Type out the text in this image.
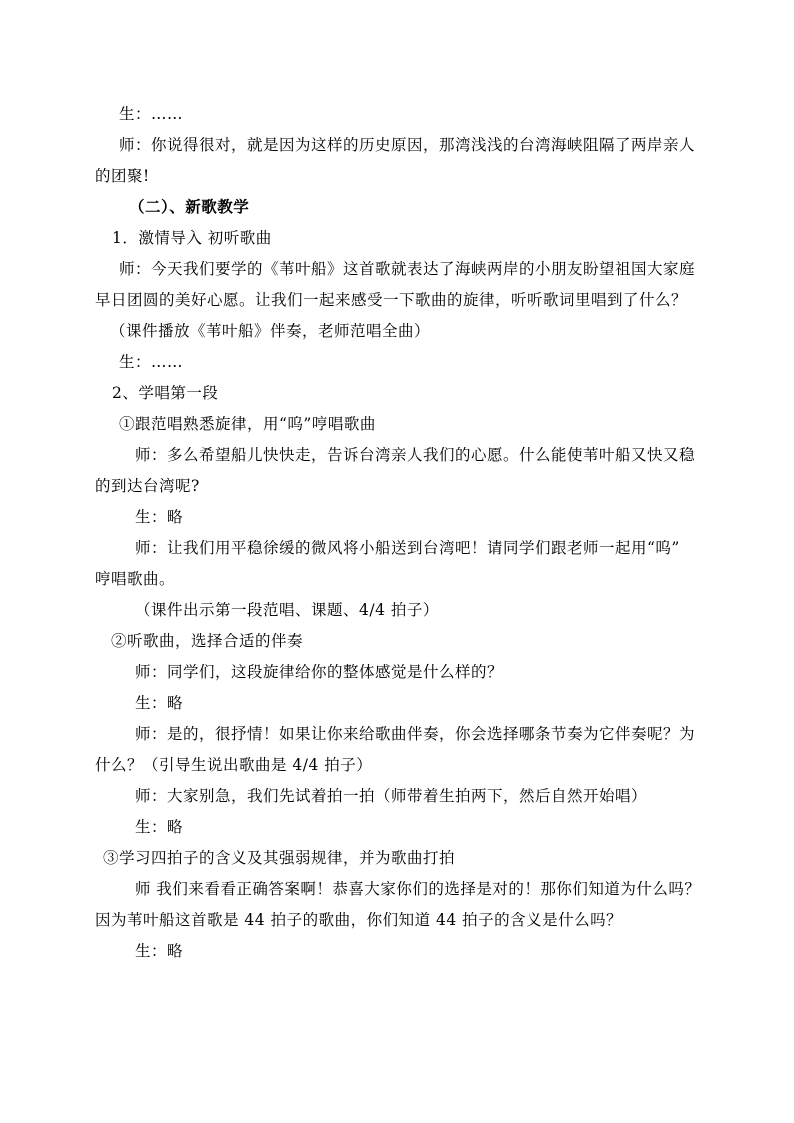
生：……
师：你说得很对，就是因为这样的历史原因，那湾浅浅的台湾海峡阻隔了两岸亲人
的团聚!
（二）、新歌教学
1．激情导入 初听歌曲
师：今天我们要学的《苇叶船》这首歌就表达了海峡两岸的小朋友盼望祖国大家庭
早日团圆的美好心愿。让我们一起来感受一下歌曲的旋律，听听歌词里唱到了什么？
（课件播放《苇叶船》伴奏，老师范唱全曲）
生：……
2、学唱第一段
①跟范唱熟悉旋律，用“呜”哼唱歌曲
师：多么希望船儿快快走，告诉台湾亲人我们的心愿。什么能使苇叶船又快又稳
的到达台湾呢?
生：略
师：让我们用平稳徐缓的微风将小船送到台湾吧！请同学们跟老师一起用“呜”
哼唱歌曲。
（课件出示第一段范唱、课题、4/4 拍子）
②听歌曲，选择合适的伴奏
师：同学们，这段旋律给你的整体感觉是什么样的？
生：略
师：是的，很抒情！如果让你来给歌曲伴奏，你会选择哪条节奏为它伴奏呢？为
什么？（引导生说出歌曲是 4/4 拍子）
师：大家别急，我们先试着拍一拍（师带着生拍两下，然后自然开始唱）
生：略
③学习四拍子的含义及其强弱规律，并为歌曲打拍
师 我们来看看正确答案啊！恭喜大家你们的选择是对的！那你们知道为什么吗？
因为苇叶船这首歌是 44 拍子的歌曲，你们知道 44 拍子的含义是什么吗？
生：略
